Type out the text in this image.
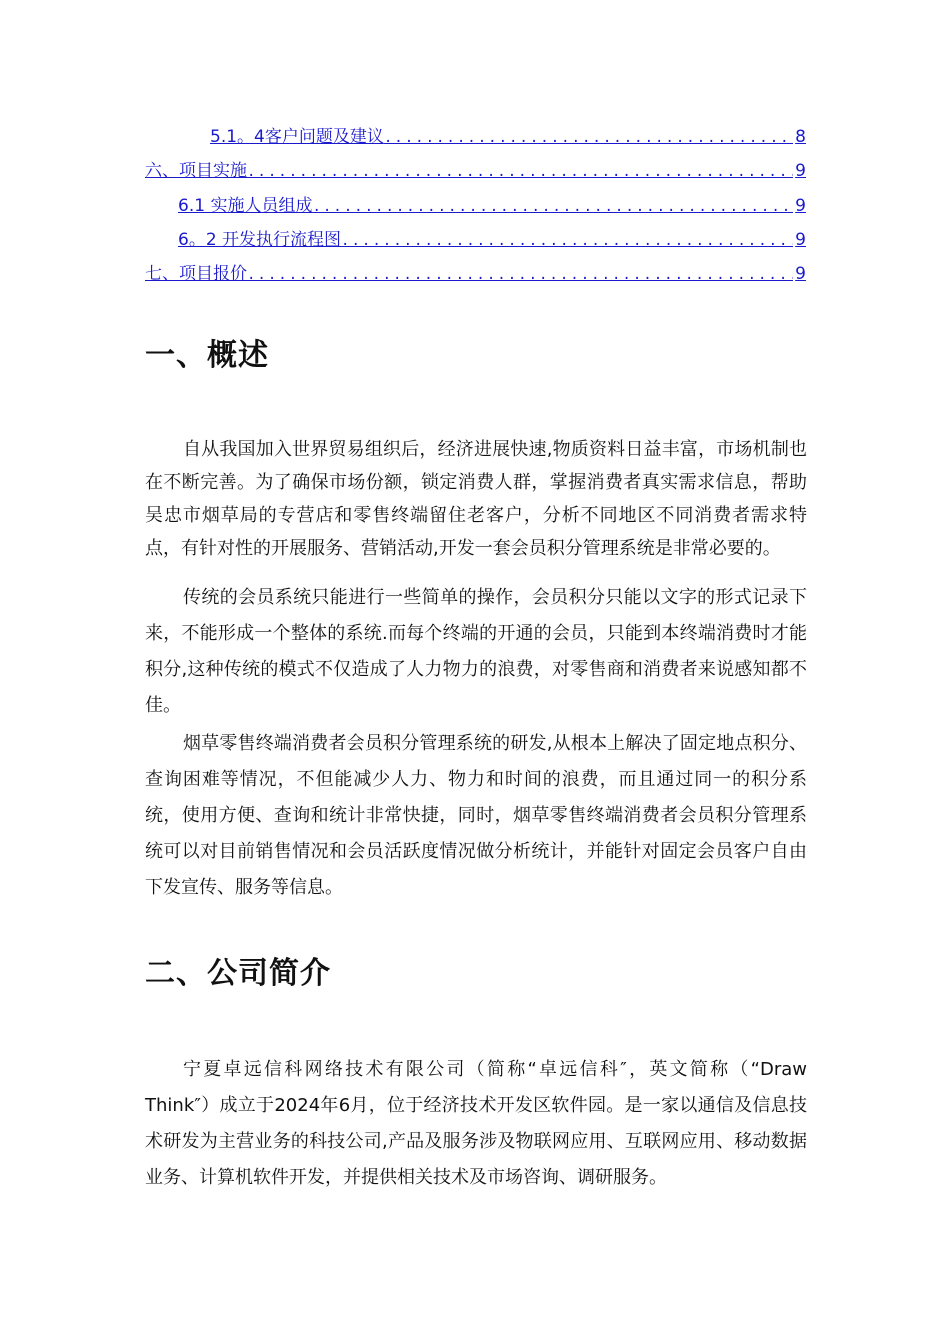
5.1。4客户问题及建议 .....	8
六、项目实施 .....	9
6.1 实施人员组成 .....	9
6。2 开发执行流程图 .....	9
七、项目报价 .....	9
一、概述

自从我国加入世界贸易组织后，经济进展快速,物质资料日益丰富，市场机制也在不断完善。为了确保市场份额，锁定消费人群，掌握消费者真实需求信息，帮助吴忠市烟草局的专营店和零售终端留住老客户，分析不同地区不同消费者需求特点，有针对性的开展服务、营销活动,开发一套会员积分管理系统是非常必要的。

传统的会员系统只能进行一些简单的操作，会员积分只能以文字的形式记录下来，不能形成一个整体的系统.而每个终端的开通的会员，只能到本终端消费时才能积分,这种传统的模式不仅造成了人力物力的浪费，对零售商和消费者来说感知都不佳。

烟草零售终端消费者会员积分管理系统的研发,从根本上解决了固定地点积分、查询困难等情况，不但能减少人力、物力和时间的浪费，而且通过同一的积分系统，使用方便、查询和统计非常快捷，同时，烟草零售终端消费者会员积分管理系统可以对目前销售情况和会员活跃度情况做分析统计，并能针对固定会员客户自由下发宣传、服务等信息。

二、公司简介

宁夏卓远信科网络技术有限公司（简称“卓远信科″，英文简称（“Draw Think″）成立于2024年6月，位于经济技术开发区软件园。是一家以通信及信息技术研发为主营业务的科技公司,产品及服务涉及物联网应用、互联网应用、移动数据业务、计算机软件开发，并提供相关技术及市场咨询、调研服务。
